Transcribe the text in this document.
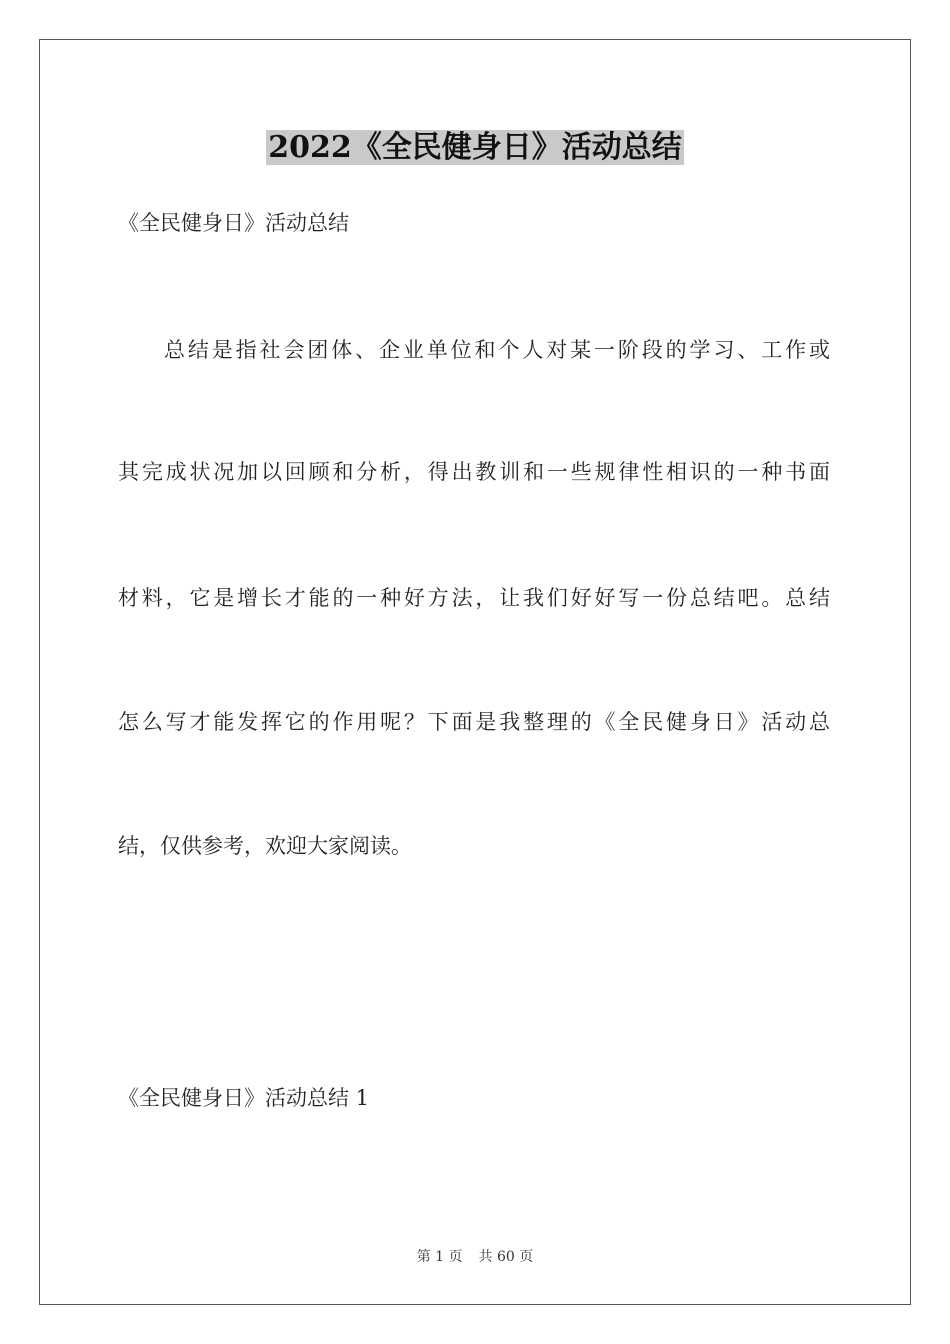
2022《全民健身日》活动总结

《全民健身日》活动总结

总结是指社会团体、企业单位和个人对某一阶段的学习、工作或

其完成状况加以回顾和分析，得出教训和一些规律性相识的一种书面

材料，它是增长才能的一种好方法，让我们好好写一份总结吧。总结

怎么写才能发挥它的作用呢？下面是我整理的《全民健身日》活动总

结，仅供参考，欢迎大家阅读。

《全民健身日》活动总结 1

第 1 页 共 60 页
